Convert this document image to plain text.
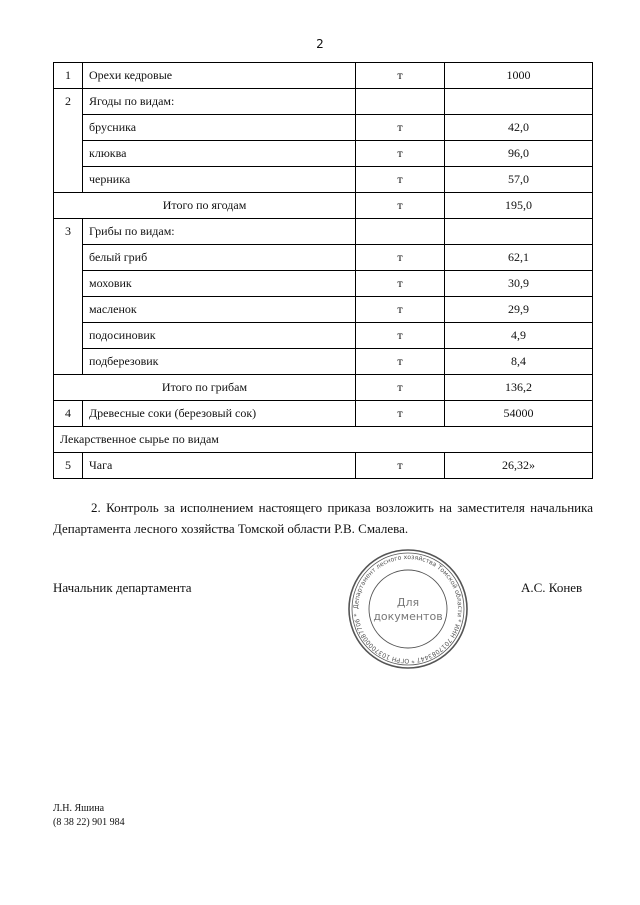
2
1	Орехи кедровые	т	1000
2	Ягоды по видам:		
	брусника	т	42,0
	клюква	т	96,0
	черника	т	57,0
Итого по ягодам		т	195,0
3	Грибы по видам:		
	белый гриб	т	62,1
	моховик	т	30,9
	масленок	т	29,9
	подосиновик	т	4,9
	подберезовик	т	8,4
Итого по грибам		т	136,2
4	Древесные соки (березовый сок)	т	54000
Лекарственное сырье по видам			
5	Чага	т	26,32»

2. Контроль за исполнением настоящего приказа возложить на заместителя начальника Департамента лесного хозяйства Томской области Р.В. Смалева.

Начальник департамента	А.С. Конев
Департамент лесного хозяйства Томской области * ИНН 7017083447 * ОГРН 1037000087706 *
Для
документов
Л.Н. Яшина
(8 38 22) 901 984
